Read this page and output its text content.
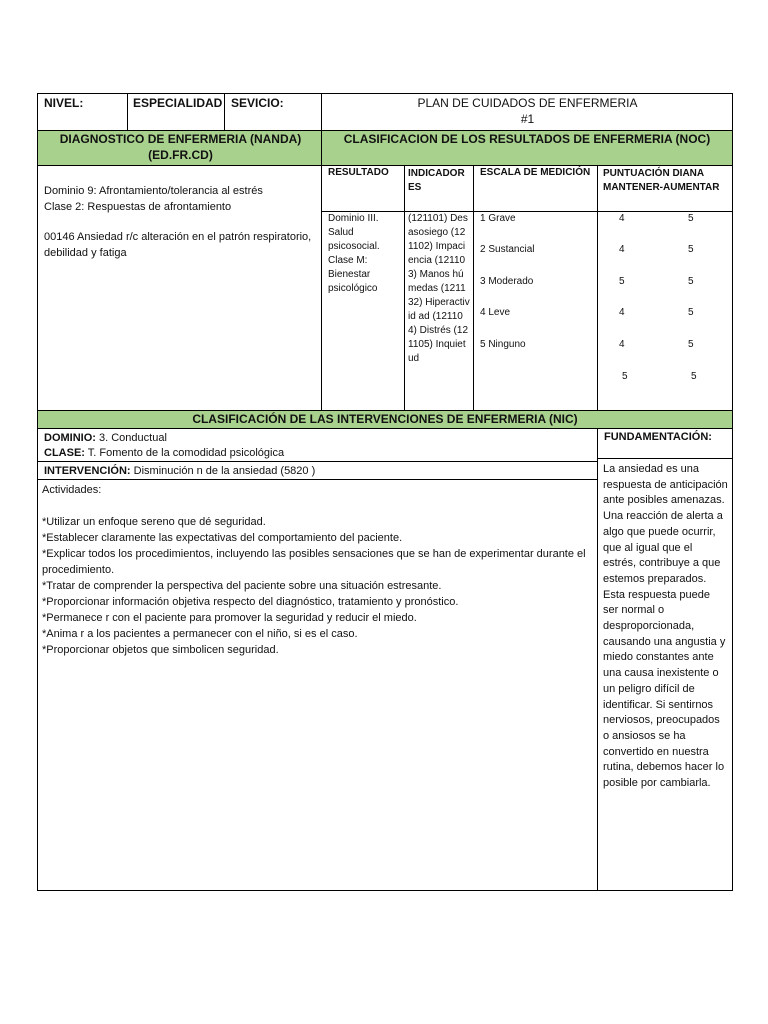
NIVEL:	ESPECIALIDAD SEVICIO:	PLAN DE CUIDADOS DE ENFERMERIA
#1
DIAGNOSTICO DE ENFERMERIA (NANDA) (ED.FR.CD)
CLASIFICACION DE LOS RESULTADOS DE ENFERMERIA (NOC)
Dominio 9: Afrontamiento/tolerancia al estrés
Clase 2: Respuestas de afrontamiento
00146 Ansiedad r/c alteración en el patrón respiratorio, debilidad y fatiga
RESULTADO INDICADOR ES
ESCALA DE MEDICIÓN PUNTUACIÓN DIANA MANTENER-AUMENTAR
Dominio III. Salud psicosocial. Clase M: Bienestar psicológico
(121101) Desasosiego (121102) Impaciencia (121103) Manos húmedas (121132) Hiperactivid ad (121104) Distrés (121105) Inquietud
1 Grave
2 Sustancial
3 Moderado
4 Leve
5 Ninguno
4
4
5
4
4
5
5
5
5
5
5
5
CLASIFICACIÓN DE LAS INTERVENCIONES DE ENFERMERIA (NIC)
DOMINIO: 3. Conductual
CLASE: T. Fomento de la comodidad psicológica
INTERVENCIÓN: Disminución n de la ansiedad (5820 )
FUNDAMENTACIÓN:
Actividades:
*Utilizar un enfoque sereno que dé seguridad.
*Establecer claramente las expectativas del comportamiento del paciente.
*Explicar todos los procedimientos, incluyendo las posibles sensaciones que se han de experimentar durante el procedimiento.
*Tratar de comprender la perspectiva del paciente sobre una situación estresante.
*Proporcionar información objetiva respecto del diagnóstico, tratamiento y pronóstico.
*Permanece r con el paciente para promover la seguridad y reducir el miedo.
*Anima r a los pacientes a permanecer con el niño, si es el caso.
*Proporcionar objetos que simbolicen seguridad.
La ansiedad es una respuesta de anticipación ante posibles amenazas. Una reacción de alerta a algo que puede ocurrir, que al igual que el estrés, contribuye a que estemos preparados. Esta respuesta puede ser normal o desproporcionada, causando una angustia y miedo constantes ante una causa inexistente o un peligro difícil de identificar. Si sentirnos nerviosos, preocupados o ansiosos se ha convertido en nuestra rutina, debemos hacer lo posible por cambiarla.
